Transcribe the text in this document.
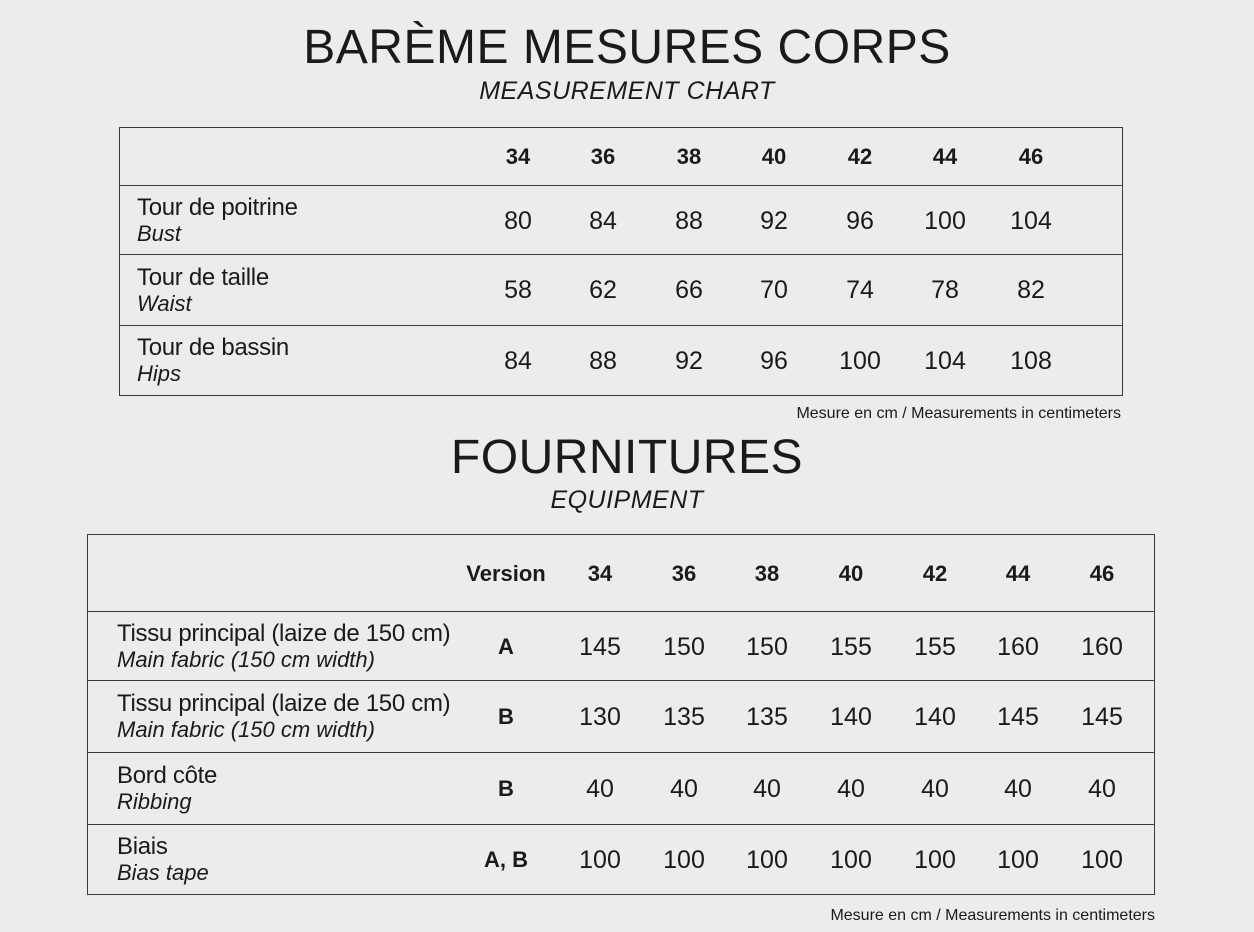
BARÈME MESURES CORPS
MEASUREMENT CHART
34	36	38	40	42	44	46
Tour de poitrine
Bust	80	84	88	92	96	100	104
Tour de taille
Waist	58	62	66	70	74	78	82
Tour de bassin
Hips	84	88	92	96	100	104	108
Mesure en cm / Measurements in centimeters
FOURNITURES
EQUIPMENT
Version	34	36	38	40	42	44	46
Tissu principal (laize de 150 cm)
Main fabric (150 cm width)
A	145	150	150	155	155	160	160
Tissu principal (laize de 150 cm)
Main fabric (150 cm width)
B	130	135	135	140	140	145	145
Bord côte
Ribbing
B	40	40	40	40	40	40	40
Biais
Bias tape
A, B	100	100	100	100	100	100	100
Mesure en cm / Measurements in centimeters
